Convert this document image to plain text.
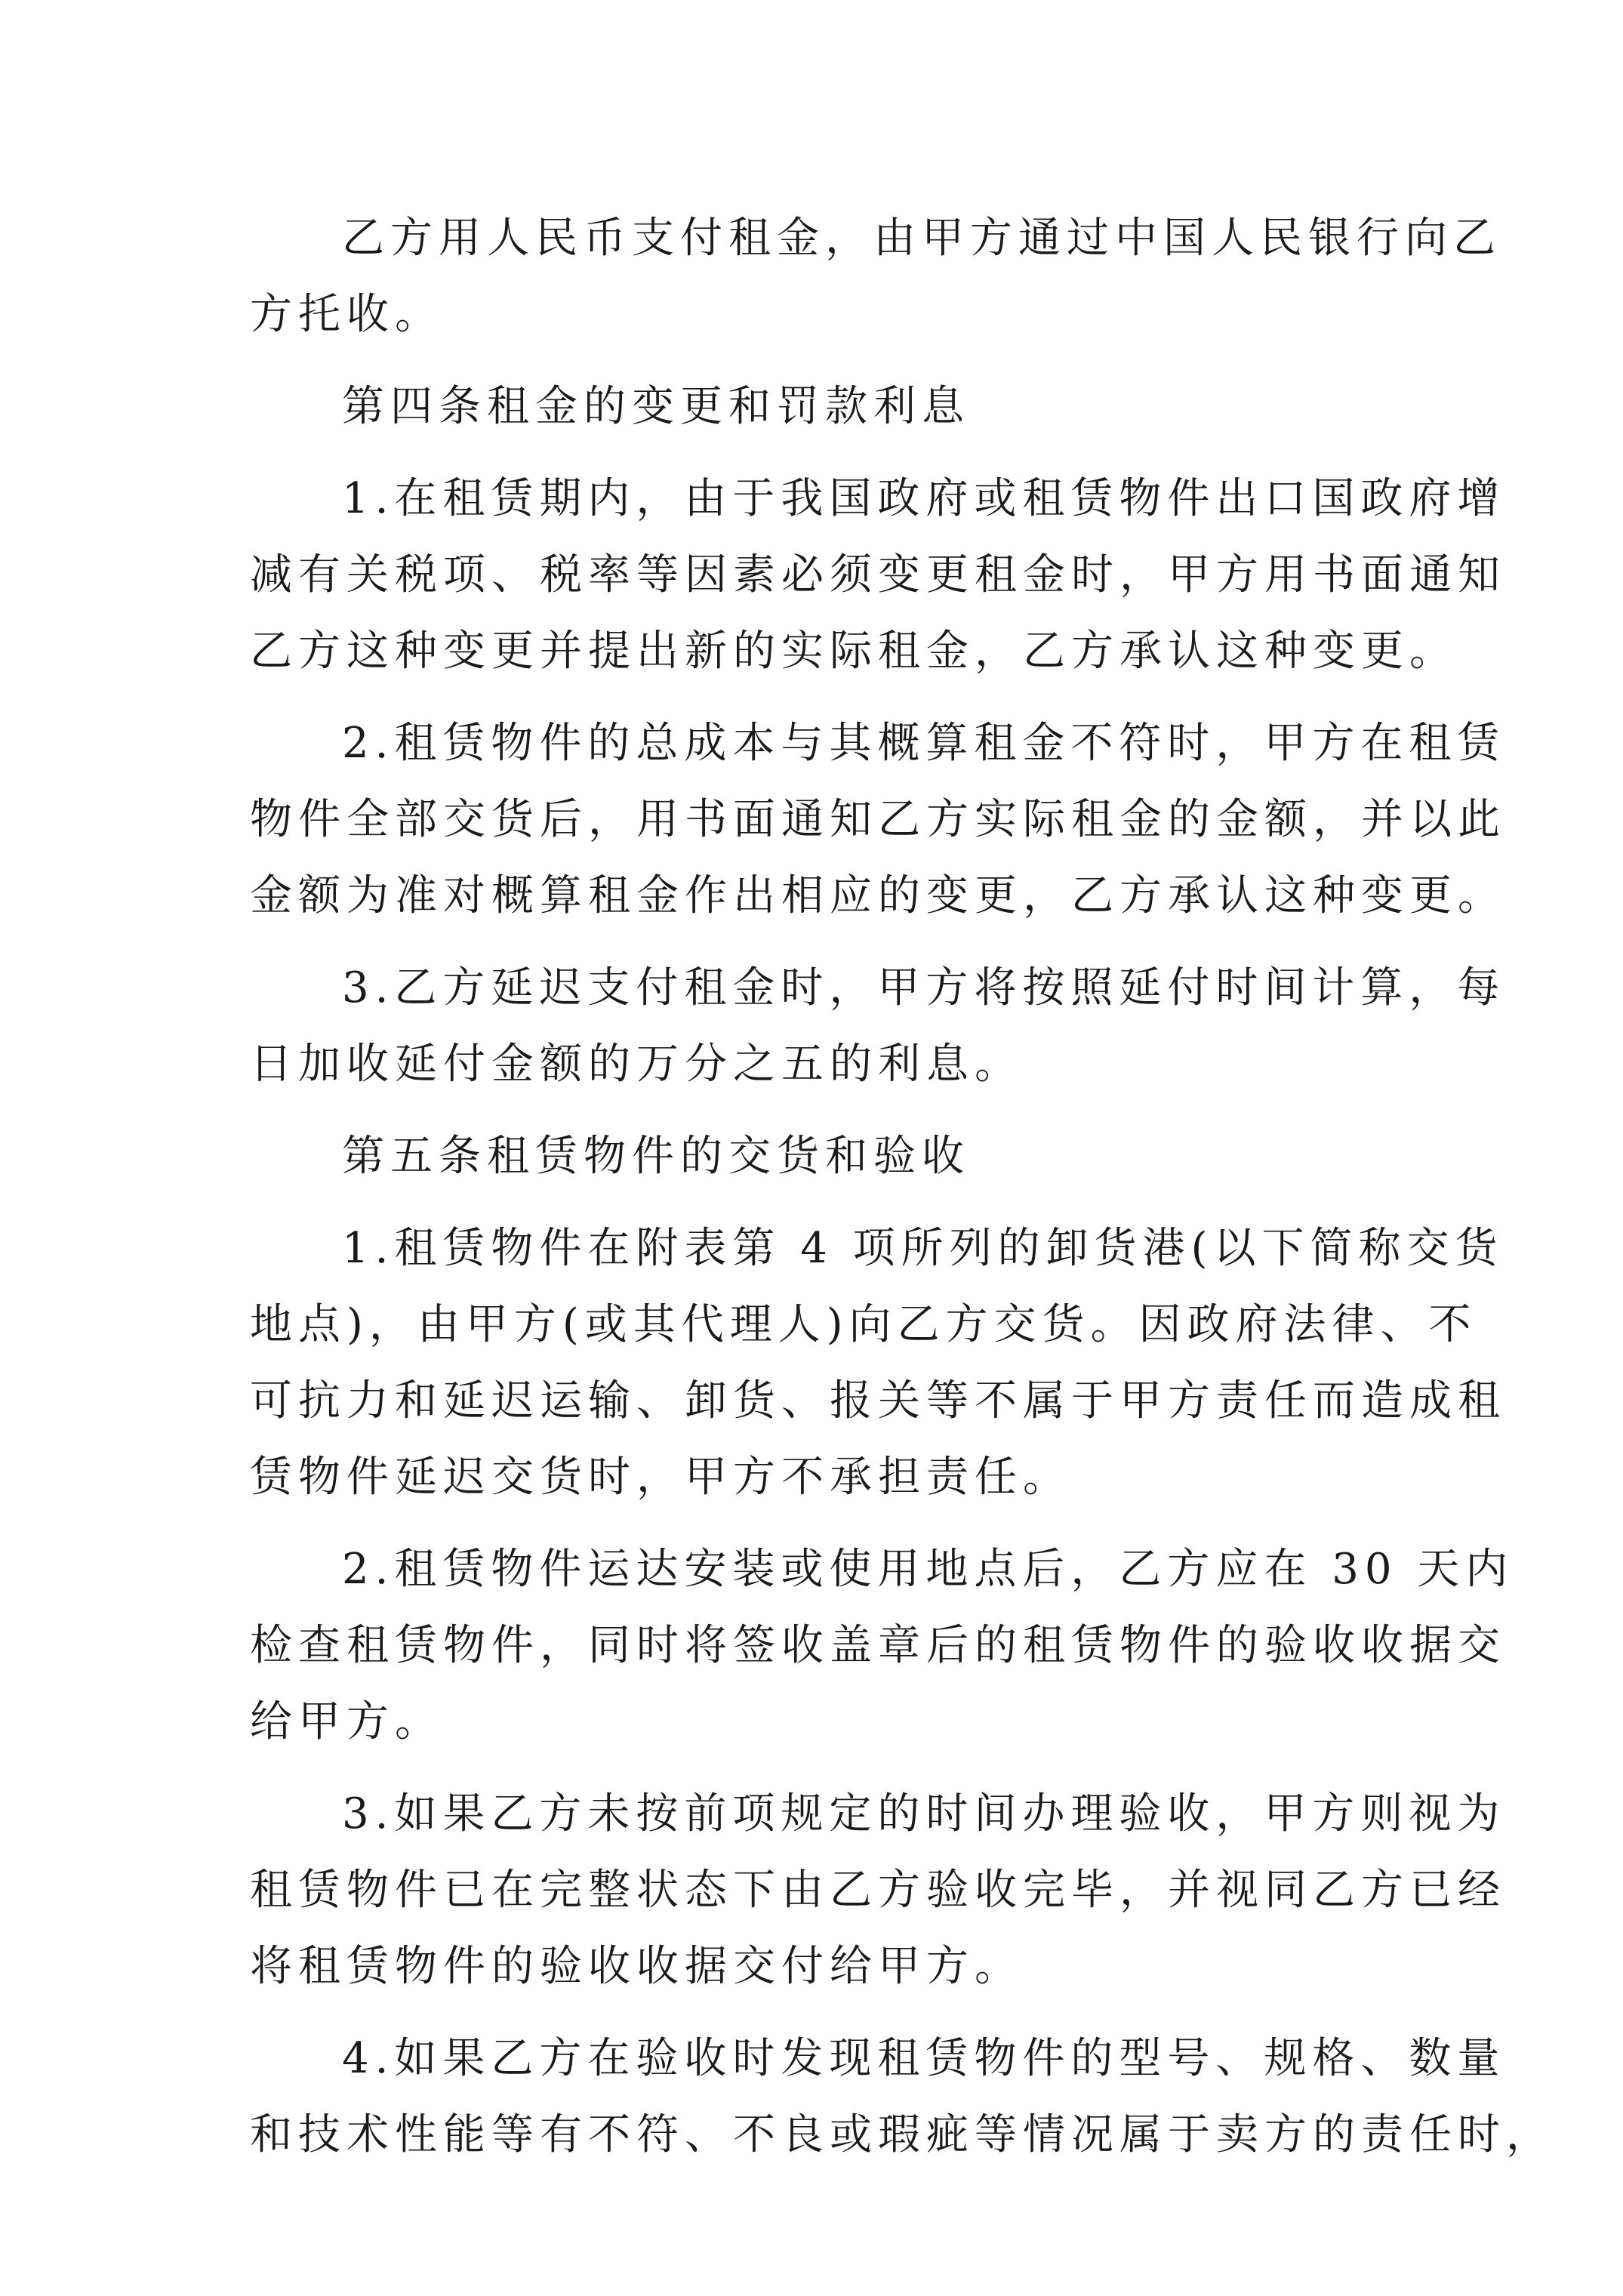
乙方用人民币支付租金，由甲方通过中国人民银行向乙
方托收。
第四条租金的变更和罚款利息
1.在租赁期内，由于我国政府或租赁物件出口国政府增
减有关税项、税率等因素必须变更租金时，甲方用书面通知
乙方这种变更并提出新的实际租金，乙方承认这种变更。
2.租赁物件的总成本与其概算租金不符时，甲方在租赁
物件全部交货后，用书面通知乙方实际租金的金额，并以此
金额为准对概算租金作出相应的变更，乙方承认这种变更。
3.乙方延迟支付租金时，甲方将按照延付时间计算，每
日加收延付金额的万分之五的利息。
第五条租赁物件的交货和验收
1.租赁物件在附表第 4 项所列的卸货港(以下简称交货
地点)，由甲方(或其代理人)向乙方交货。因政府法律、不
可抗力和延迟运输、卸货、报关等不属于甲方责任而造成租
赁物件延迟交货时，甲方不承担责任。
2.租赁物件运达安装或使用地点后，乙方应在 30 天内
检查租赁物件，同时将签收盖章后的租赁物件的验收收据交
给甲方。
3.如果乙方未按前项规定的时间办理验收，甲方则视为
租赁物件已在完整状态下由乙方验收完毕，并视同乙方已经
将租赁物件的验收收据交付给甲方。
4.如果乙方在验收时发现租赁物件的型号、规格、数量
和技术性能等有不符、不良或瑕疵等情况属于卖方的责任时，
